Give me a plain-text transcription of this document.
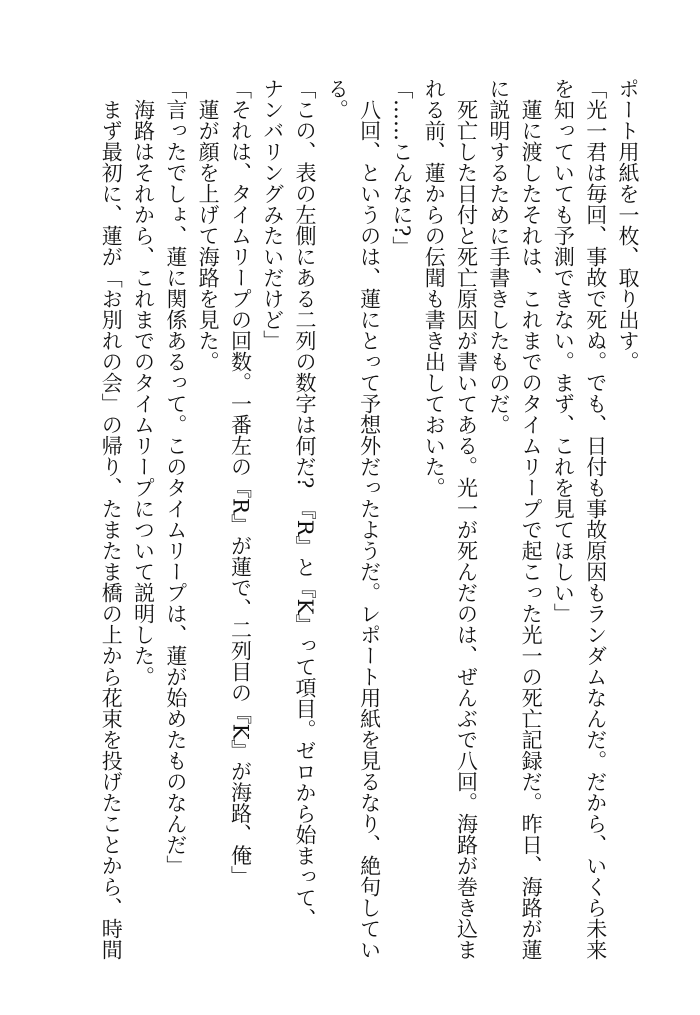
ポート用紙を一枚、取り出す。
「光一君は毎回、事故で死ぬ。でも、日付も事故原因もランダムなんだ。だから、いくら未来
を知っていても予測できない。まず、これを見てほしい」
　蓮に渡したそれは、これまでのタイムリープで起こった光一の死亡記録だ。昨日、海路が蓮
に説明するために手書きしたものだ。
　死亡した日付と死亡原因が書いてある。光一が死んだのは、ぜんぶで八回。海路が巻き込ま
れる前、蓮からの伝聞も書き出しておいた。
「……こんなに?」
　八回、というのは、蓮にとって予想外だったようだ。レポート用紙を見るなり、絶句してい
る。
「この、表の左側にある二列の数字は何だ?　『R』と『K』って項目。ゼロから始まって、
ナンバリングみたいだけど」
「それは、タイムリープの回数。一番左の『R』が蓮で、二列目の『K』が海路、俺」
　蓮が顔を上げて海路を見た。
「言ったでしょ、蓮に関係あるって。このタイムリープは、蓮が始めたものなんだ」
　海路はそれから、これまでのタイムリープについて説明した。
　まず最初に、蓮が「お別れの会」の帰り、たまたま橋の上から花束を投げたことから、時間
